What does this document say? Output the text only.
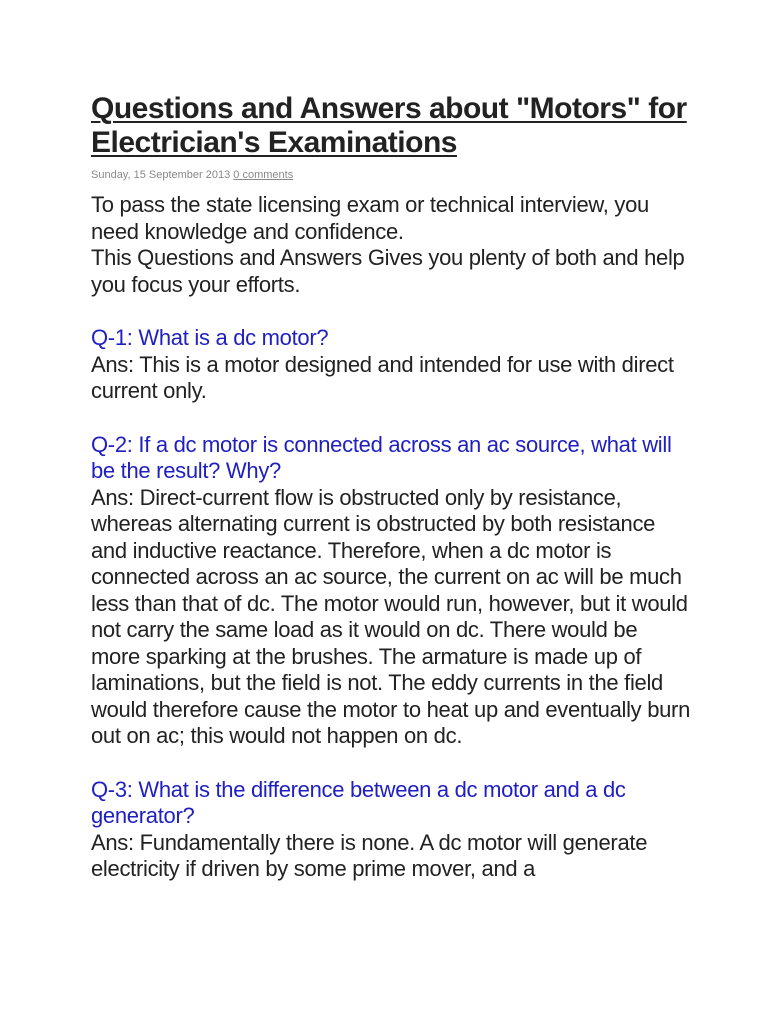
Questions and Answers about "Motors" for Electrician's Examinations
Sunday, 15 September 2013 0 comments

To pass the state licensing exam or technical interview, you need knowledge and confidence.

This Questions and Answers Gives you plenty of both and help you focus your efforts.

Q-1: What is a dc motor?

Ans: This is a motor designed and intended for use with direct current only.

Q-2: If a dc motor is connected across an ac source, what will be the result? Why?

Ans: Direct-current flow is obstructed only by resistance, whereas alternating current is obstructed by both resistance and inductive reactance. Therefore, when a dc motor is connected across an ac source, the current on ac will be much less than that of dc. The motor would run, however, but it would not carry the same load as it would on dc. There would be more sparking at the brushes. The armature is made up of laminations, but the field is not. The eddy currents in the field would therefore cause the motor to heat up and eventually burn out on ac; this would not happen on dc.

Q-3: What is the difference between a dc motor and a dc generator?

Ans: Fundamentally there is none. A dc motor will generate electricity if driven by some prime mover, and a
